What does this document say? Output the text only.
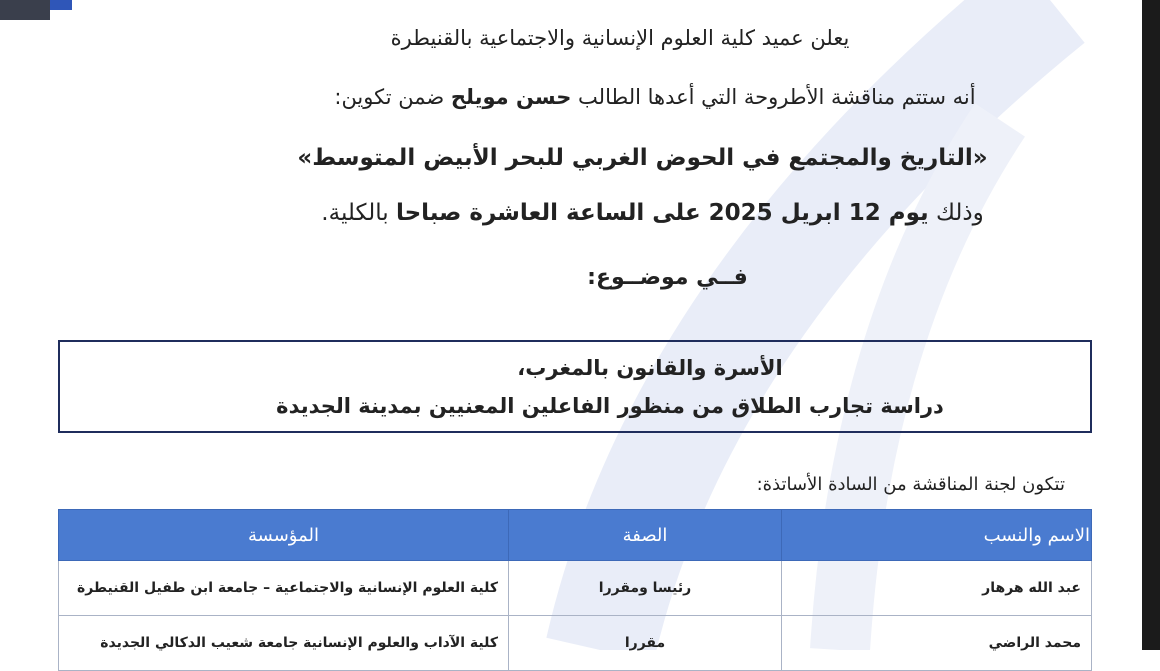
يعلن عميد كلية العلوم الإنسانية والاجتماعية بالقنيطرة
أنه ستتم مناقشة الأطروحة التي أعدها الطالب حسن مويلح ضمن تكوين:
«التاريخ والمجتمع في الحوض الغربي للبحر الأبيض المتوسط»
وذلك يوم 12 ابريل 2025 على الساعة العاشرة صباحا بالكلية.
فــي موضــوع:
الأسرة والقانون بالمغرب،
دراسة تجارب الطلاق من منظور الفاعلين المعنيين بمدينة الجديدة
تتكون لجنة المناقشة من السادة الأساتذة:
الاسم والنسب	الصفة	المؤسسة
عبد الله هرهار	رئيسا ومقررا	كلية العلوم الإنسانية والاجتماعية – جامعة ابن طفيل القنيطرة
محمد الراضي	مقررا	كلية الآداب والعلوم الإنسانية جامعة شعيب الدكالي الجديدة
